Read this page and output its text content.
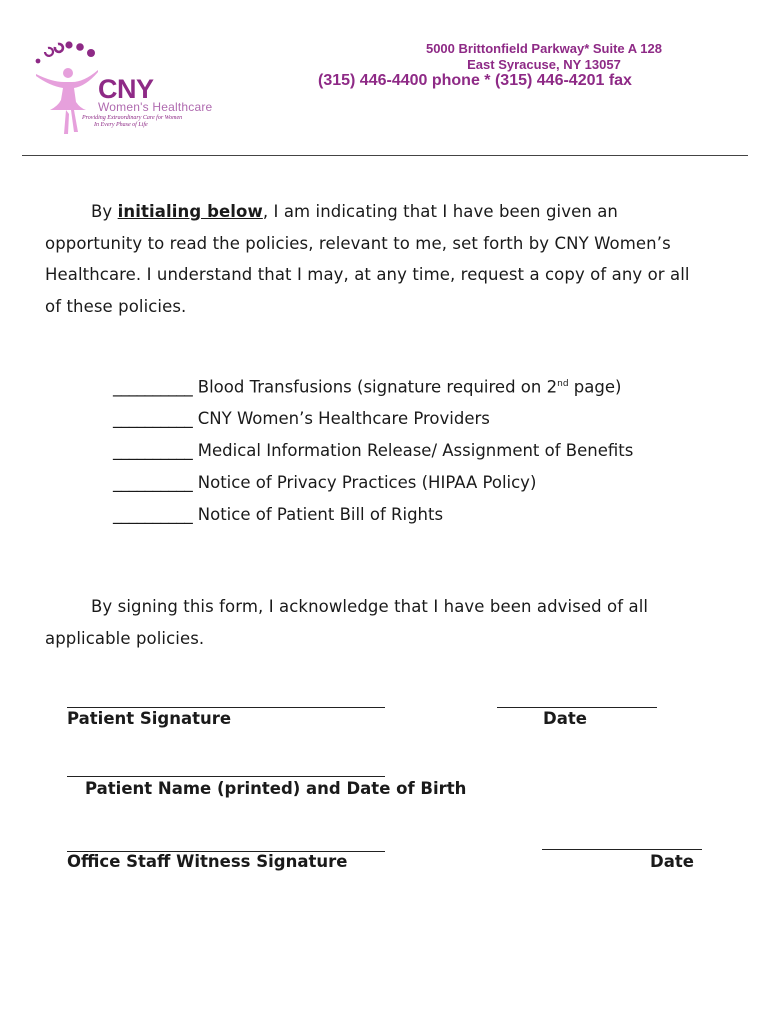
CNY
Women's Healthcare
Providing Extraordinary Care for Women
In Every Phase of Life
5000 Brittonfield Parkway* Suite A 128
East Syracuse, NY 13057
(315) 446-4400 phone * (315) 446-4201 fax
By initialing below, I am indicating that I have been given an opportunity to read the policies, relevant to me, set forth by CNY Women’s Healthcare. I understand that I may, at any time, request a copy of any or all of these policies.
__________ Blood Transfusions (signature required on 2nd page)
__________ CNY Women’s Healthcare Providers
__________ Medical Information Release/ Assignment of Benefits
__________ Notice of Privacy Practices (HIPAA Policy)
__________ Notice of Patient Bill of Rights
By signing this form, I acknowledge that I have been advised of all applicable policies.
Patient Signature	Date
Patient Name (printed) and Date of Birth
Office Staff Witness Signature	Date
